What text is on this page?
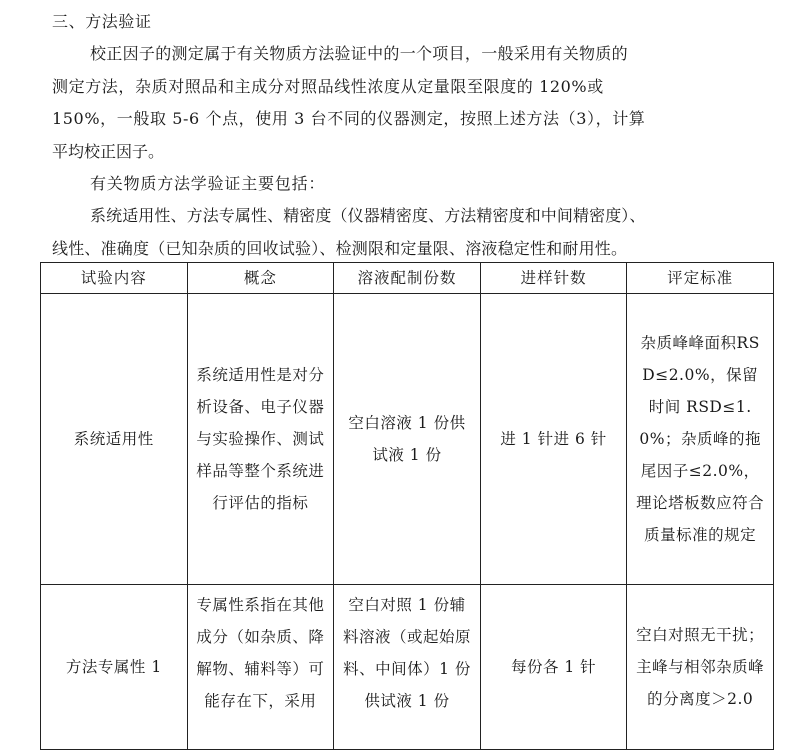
三、方法验证
校正因子的测定属于有关物质方法验证中的一个项目，一般采用有关物质的
测定方法，杂质对照品和主成分对照品线性浓度从定量限至限度的 120%或
150%，一般取 5-6 个点，使用 3 台不同的仪器测定，按照上述方法（3），计算
平均校正因子。
有关物质方法学验证主要包括：
系统适用性、方法专属性、精密度（仪器精密度、方法精密度和中间精密度）、
线性、准确度（已知杂质的回收试验）、检测限和定量限、溶液稳定性和耐用性。
试验内容	概念	溶液配制份数	进样针数	评定标准

系统适用性	系统适用性是对分析设备、电子仪器与实验操作、测试样品等整个系统进行评估的指标	空白溶液 1 份供试液 1 份	进 1 针进 6 针	杂质峰峰面积RSD≤2.0%，保留时间 RSD≤1.0%；杂质峰的拖尾因子≤2.0%，理论塔板数应符合质量标准的规定

方法专属性 1	专属性系指在其他成分（如杂质、降解物、辅料等）可能存在下，采用	空白对照 1 份辅料溶液（或起始原料、中间体）1 份供试液 1 份	每份各 1 针	空白对照无干扰；主峰与相邻杂质峰的分离度＞2.0
